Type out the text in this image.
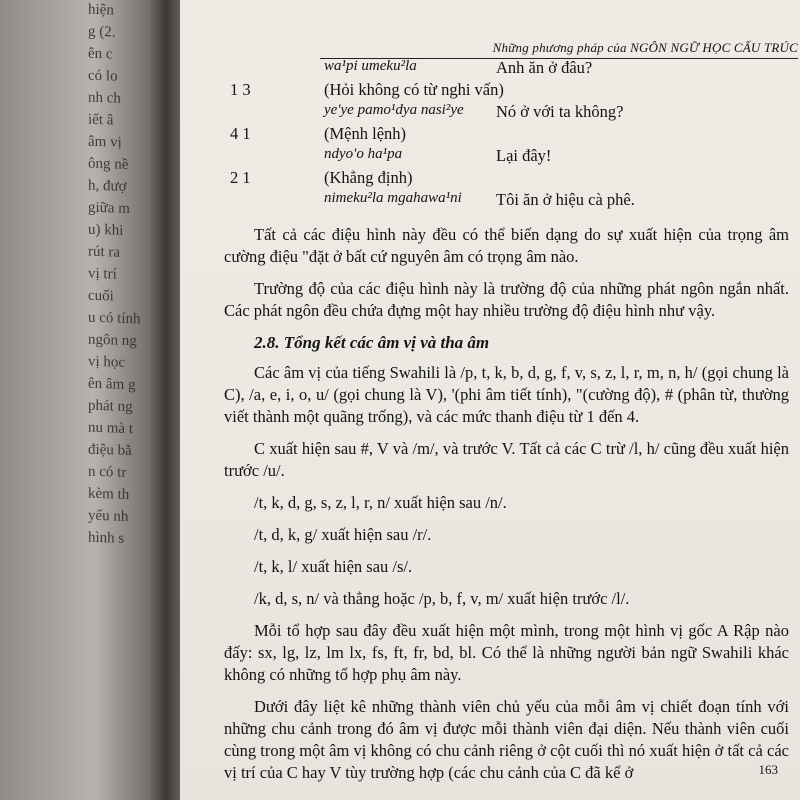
hiện
g (2.
ên c
có lo
nh ch
iết â
âm vị
ông nề
h, đượ
giữa m
u) khi
rút ra
vị trí
cuối
u có tính
ngôn ng
vị học
ên âm g
phát ng
nu mà t
điệu bằ
n có tr
kèm th
yếu nh
hình s
Những phương pháp của NGÔN NGỮ HỌC CẤU TRÚC
wa¹pi umeku²la	Anh ăn ở đâu?
1 3	(Hỏi không có từ nghi vấn)
ye'ye pamo¹dya nasi²ye Nó ở với ta không?
4 1	(Mệnh lệnh)
ndyo'o ha¹pa	Lại đây!
2 1	(Khẳng định)
nimeku²la mgahawa¹ni Tôi ăn ở hiệu cà phê.

Tất cả các điệu hình này đều có thể biến dạng do sự xuất hiện của trọng âm cường điệu "đặt ở bất cứ nguyên âm có trọng âm nào.

Trường độ của các điệu hình này là trường độ của những phát ngôn ngắn nhất. Các phát ngôn đều chứa đựng một hay nhiều trường độ điệu hình như vậy.

2.8. Tổng kết các âm vị và tha âm

Các âm vị của tiếng Swahili là /p, t, k, b, d, g, f, v, s, z, l, r, m, n, h/ (gọi chung là C), /a, e, i, o, u/ (gọi chung là V), '(phi âm tiết tính), "(cường độ), # (phân từ, thường viết thành một quãng trống), và các mức thanh điệu từ 1 đến 4.

C xuất hiện sau #, V và /m/, và trước V. Tất cả các C trừ /l, h/ cũng đều xuất hiện trước /u/.

/t, k, d, g, s, z, l, r, n/ xuất hiện sau /n/.

/t, d, k, g/ xuất hiện sau /r/.

/t, k, l/ xuất hiện sau /s/.

/k, d, s, n/ và thẳng hoặc /p, b, f, v, m/ xuất hiện trước /l/.

Mỗi tổ hợp sau đây đều xuất hiện một mình, trong một hình vị gốc A Rập nào đấy: sx, lg, lz, lm lx, fs, ft, fr, bd, bl. Có thể là những người bản ngữ Swahili khác không có những tổ hợp phụ âm này.

Dưới đây liệt kê những thành viên chủ yếu của mỗi âm vị chiết đoạn tính với những chu cảnh trong đó âm vị được mỗi thành viên đại diện. Nếu thành viên cuối cùng trong một âm vị không có chu cảnh riêng ở cột cuối thì nó xuất hiện ở tất cả các vị trí của C hay V tùy trường hợp (các chu cảnh của C đã kể ở	163
